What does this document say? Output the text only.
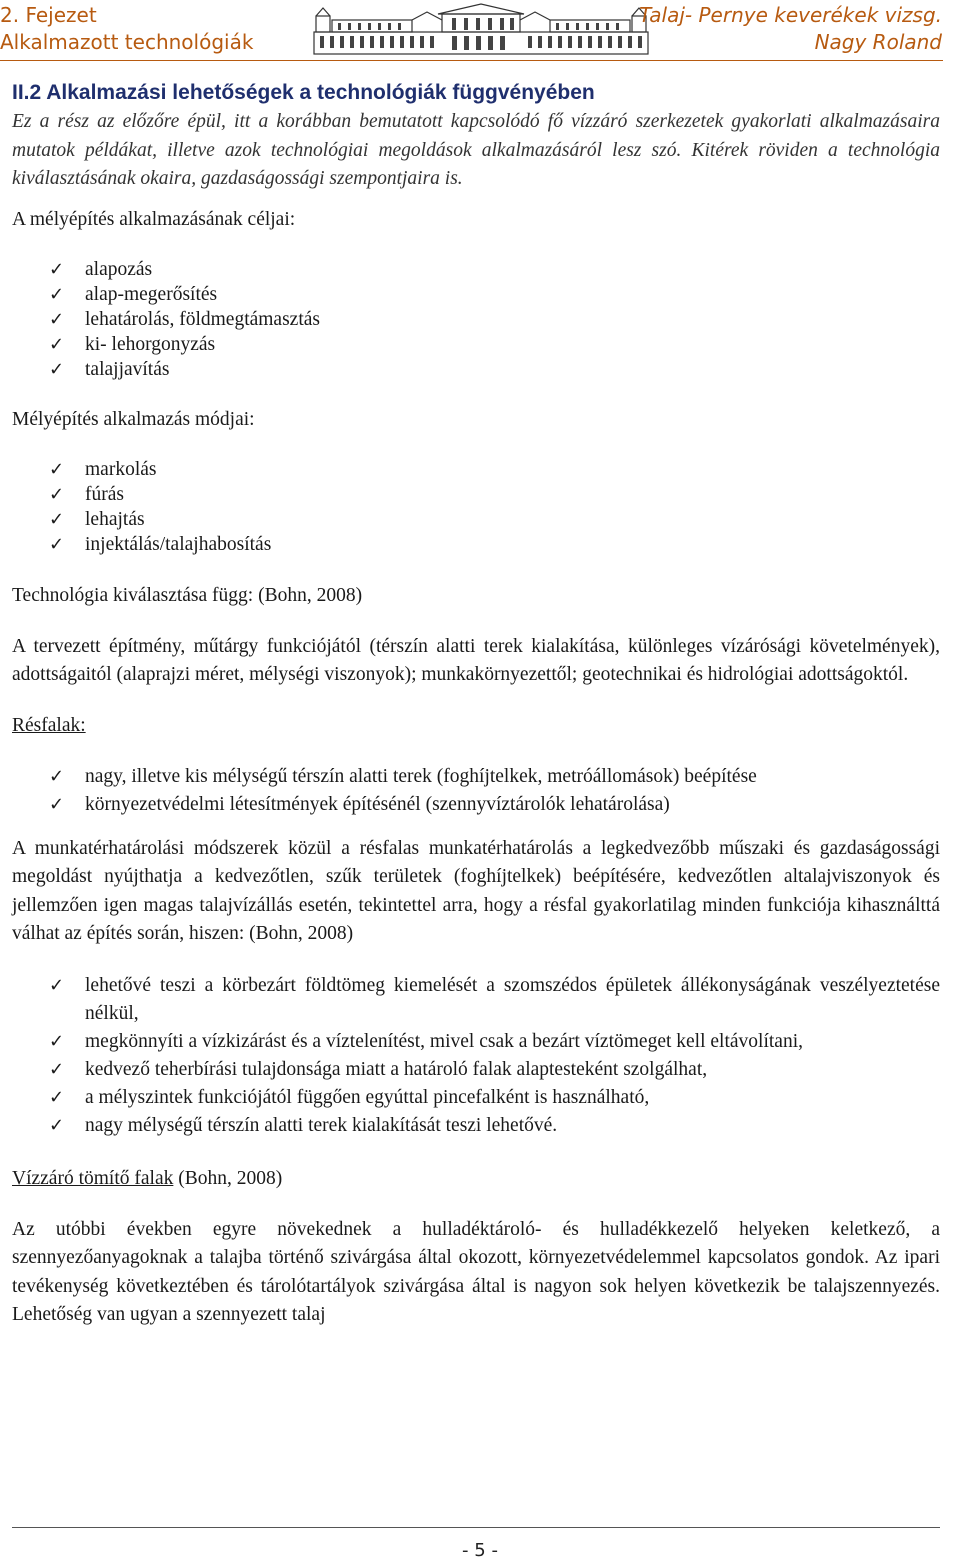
2. Fejezet
Alkalmazott technológiák
Talaj- Pernye keverékek vizsg.
Nagy Roland
II.2 Alkalmazási lehetőségek a technológiák függvényében

Ez a rész az előzőre épül, itt a korábban bemutatott kapcsolódó fő vízzáró szerkezetek gyakorlati alkalmazásaira mutatok példákat, illetve azok technológiai megoldások alkalmazásáról lesz szó. Kitérek röviden a technológia kiválasztásának okaira, gazdaságossági szempontjaira is.

A mélyépítés alkalmazásának céljai:

✓ alapozás
✓ alap-megerősítés
✓ lehatárolás, földmegtámasztás
✓ ki- lehorgonyzás
✓ talajjavítás

Mélyépítés alkalmazás módjai:

✓ markolás
✓ fúrás
✓ lehajtás
✓ injektálás/talajhabosítás

Technológia kiválasztása függ: (Bohn, 2008)

A tervezett építmény, műtárgy funkciójától (térszín alatti terek kialakítása, különleges vízárósági követelmények), adottságaitól (alaprajzi méret, mélységi viszonyok); munkakörnyezettől; geotechnikai és hidrológiai adottságoktól.

Résfalak:

✓ nagy, illetve kis mélységű térszín alatti terek (foghíjtelkek, metróállomások) beépítése
✓ környezetvédelmi létesítmények építésénél (szennyvíztárolók lehatárolása)

A munkatérhatárolási módszerek közül a résfalas munkatérhatárolás a legkedvezőbb műszaki és gazdaságossági megoldást nyújthatja a kedvezőtlen, szűk területek (foghíjtelkek) beépítésére, kedvezőtlen altalajviszonyok és jellemzően igen magas talajvízállás esetén, tekintettel arra, hogy a résfal gyakorlatilag minden funkciója kihasználttá válhat az építés során, hiszen: (Bohn, 2008)

✓ lehetővé teszi a körbezárt földtömeg kiemelését a szomszédos épületek állékonyságának veszélyeztetése nélkül,
✓ megkönnyíti a vízkizárást és a víztelenítést, mivel csak a bezárt víztömeget kell eltávolítani,
✓ kedvező teherbírási tulajdonsága miatt a határoló falak alaptesteként szolgálhat,
✓ a mélyszintek funkciójától függően egyúttal pincefalként is használható,
✓ nagy mélységű térszín alatti terek kialakítását teszi lehetővé.

Vízzáró tömítő falak (Bohn, 2008)

Az utóbbi években egyre növekednek a hulladéktároló- és hulladékkezelő helyeken keletkező, a szennyezőanyagoknak a talajba történő szivárgása által okozott, környezetvédelemmel kapcsolatos gondok. Az ipari tevékenység következtében és tárolótartályok szivárgása által is nagyon sok helyen következik be talajszennyezés. Lehetőség van ugyan a szennyezett talaj

- 5 -
